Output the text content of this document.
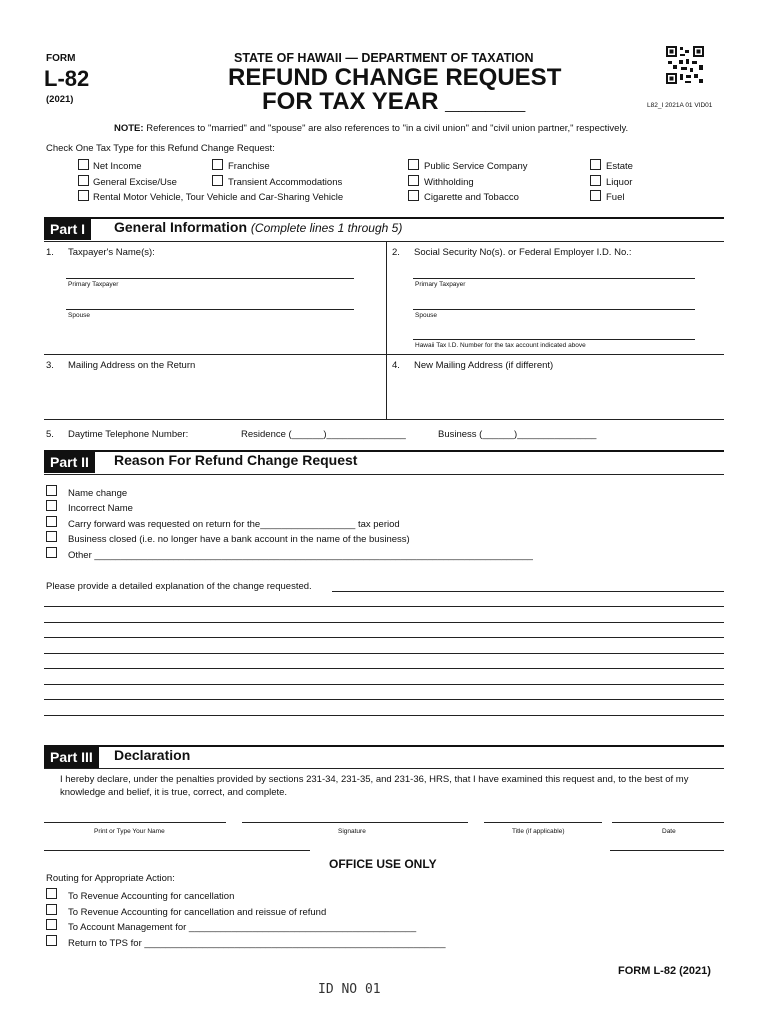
FORM
L-82
(2021)
STATE OF HAWAII — DEPARTMENT OF TAXATION
REFUND CHANGE REQUEST
FOR TAX YEAR ______	L82_I 2021A 01 VID01
NOTE: References to "married" and "spouse" are also references to "in a civil union" and "civil union partner," respectively.
Check One Tax Type for this Refund Change Request:
Net Income
General Excise/Use
Rental Motor Vehicle, Tour Vehicle and Car-Sharing Vehicle
Franchise
Transient Accommodations
Public Service Company
Withholding
Cigarette and Tobacco
Estate
Liquor
Fuel
Part I	General Information (Complete lines 1 through 5)
1. Taxpayer's Name(s):	2. Social Security No(s). or Federal Employer I.D. No.:
Primary Taxpayer	Primary Taxpayer
Spouse	Spouse
Hawaii Tax I.D. Number for the tax account indicated above
3. Mailing Address on the Return	4. New Mailing Address (if different)
5. Daytime Telephone Number:	Residence (______)_______________	Business (______)_______________
Part II	Reason For Refund Change Request
Name change
Incorrect Name
Carry forward was requested on return for the__________________ tax period
Business closed (i.e. no longer have a bank account in the name of the business)
Other ___________________________________________________________________________________
Please provide a detailed explanation of the change requested.
Part III	Declaration
I hereby declare, under the penalties provided by sections 231-34, 231-35, and 231-36, HRS, that I have examined this request and, to the best of my knowledge and belief, it is true, correct, and complete.
Print or Type Your Name	Signature	Title (if applicable)	Date
OFFICE USE ONLY
Routing for Appropriate Action:
To Revenue Accounting for cancellation
To Revenue Accounting for cancellation and reissue of refund
To Account Management for ___________________________________________
Return to TPS for _________________________________________________________
FORM L-82 (2021)
ID NO 01
